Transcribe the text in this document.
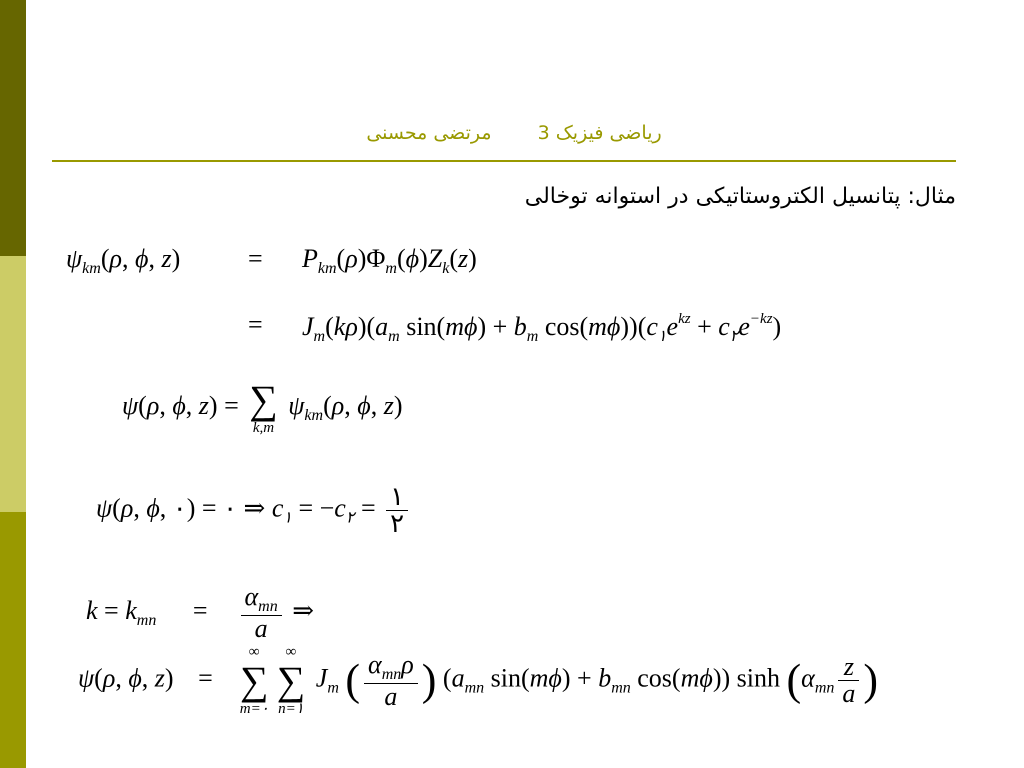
ریاضی فیزیک 3  مرتضی محسنی
مثال: پتانسیل الکتروستاتیکی در استوانه توخالی
$\psi_{km}(\rho$, ϕ, z)	= $P_{km}(\rho)\Phi_m(\phi)Z_k(z)$
= $J_m(k\rho)(a_m$ $\sin(m\phi) + b_m$ $\cos(m\phi))(c_۱e^{kz} + c_۲e^{-kz})$
ψ(ρ, ϕ, z) = ∑
k,m
$\psi_{km}(\rho$, ϕ, z)
ψ(ρ, ϕ, ۰) = ۰ ⇒ $c_۱ = -c_۲ = \frac{۱}{۲}$
$k = k_{mn} = \frac{\alpha_{mn}}{a}$ ⇒
ψ(ρ, ϕ, z) =
∞
∑
m=۰
∞
∑
n=۱
$J_m$ ( $\frac{\alpha_{mn}\rho}{a}$ ) ($a_{mn}$ $\sin(m\phi) + b_{mn}$ cos(mϕ)) $\sinh (\alpha_{mn} \frac{z}{a}$ )
